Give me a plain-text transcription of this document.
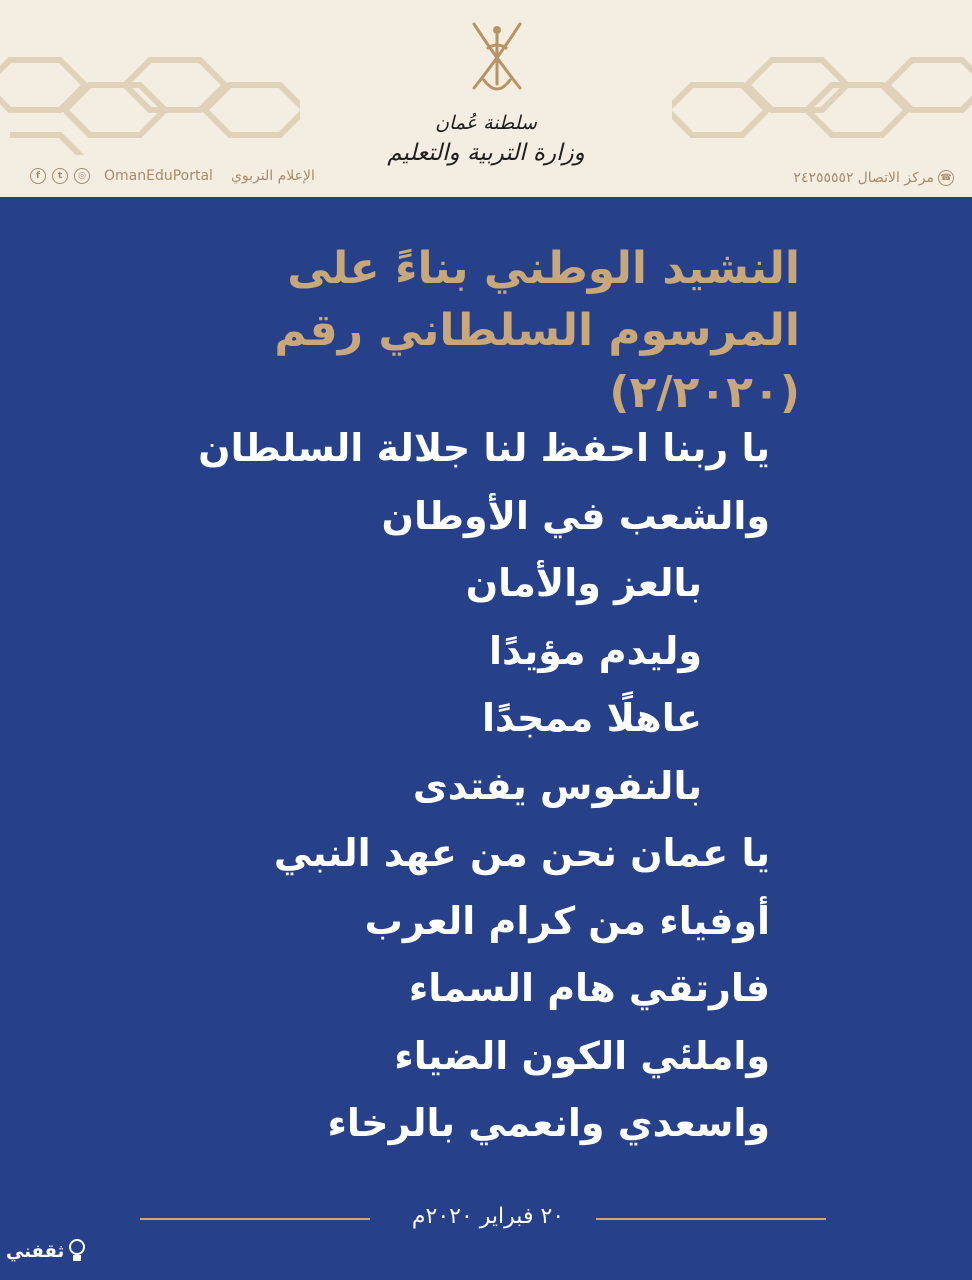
سلطنة عُمان
وزارة التربية والتعليم
☎
مركز الاتصال
٢٤٢٥٥٥٥٢
f	t	◎ OmanEduPortal الإعلام التربوي
النشيد الوطني بناءً على
المرسوم السلطاني رقم (٢/٢٠٢٠)
يا ربنا احفظ لنا جلالة السلطان
والشعب في الأوطان
بالعز والأمان
وليدم مؤيدًا
عاهلًا ممجدًا
بالنفوس يفتدى
يا عمان نحن من عهد النبي
أوفياء من كرام العرب
فارتقي هام السماء
واملئي الكون الضياء
واسعدي وانعمي بالرخاء
٢٠ فبراير ٢٠٢٠م
ثقفني
